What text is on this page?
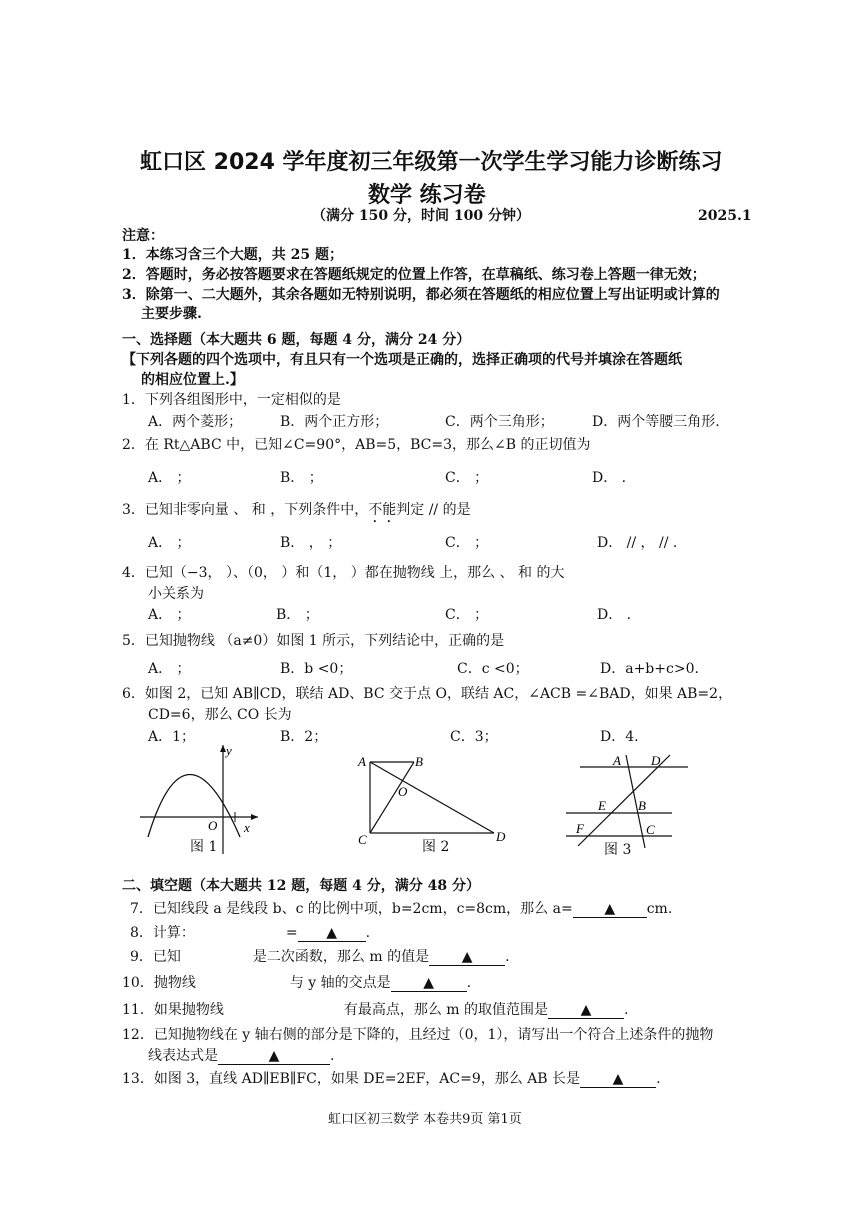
虹口区 2024 学年度初三年级第一次学生学习能力诊断练习
数学 练习卷
（满分 150 分，时间 100 分钟）	2025.1
注意：
1．本练习含三个大题，共 25 题；
2．答题时，务必按答题要求在答题纸规定的位置上作答，在草稿纸、练习卷上答题一律无效；
3．除第一、二大题外，其余各题如无特别说明，都必须在答题纸的相应位置上写出证明或计算的
主要步骤.
一、选择题（本大题共 6 题，每题 4 分，满分 24 分）
【下列各题的四个选项中，有且只有一个选项是正确的，选择正确项的代号并填涂在答题纸
的相应位置上.】
1．下列各组图形中，一定相似的是
A．两个菱形；	B．两个正方形；	C．两个三角形；	D．两个等腰三角形.
2．在 Rt△ABC 中，已知∠C=90°，AB=5，BC=3，那么∠B 的正切值为
A． ；	B． ；	C． ；	D． .
3．已知非零向量 、 和 ，下列条件中，不能判定 // 的是
A． ；	B． ， ；	C． ；	D． // ， // .
4．已知（−3， ）、（0， ）和（1， ）都在抛物线 上，那么 、 和 的大
小关系为
A． ；	B． ；	C． ；	D． .
5．已知抛物线 （a≠0）如图 1 所示，下列结论中，正确的是
A． ；	B．b <0；	C．c <0；	D．a+b+c>0.
6．如图 2，已知 AB∥CD，联结 AD、BC 交于点 O，联结 AC，∠ACB =∠BAD，如果 AB=2，
CD=6，那么 CO 长为
A．1；	B．2；	C．3；	D．4.
y
x
O
图 1
A	B
O
C	D
图 2
A D
E B
F	C
图 3
二、填空题（本大题共 12 题，每题 4 分，满分 48 分）
7．已知线段 a 是线段 b、c 的比例中项，b=2cm，c=8cm，那么 a= ▲ cm.
8．计算：	= ▲ .
9．已知	是二次函数，那么 m 的值是 ▲ .
10．抛物线	与 y 轴的交点是 ▲ .
11．如果抛物线	有最高点，那么 m 的取值范围是 ▲ .
12．已知抛物线在 y 轴右侧的部分是下降的，且经过（0，1），请写出一个符合上述条件的抛物
线表达式是	▲	.
13．如图 3，直线 AD∥EB∥FC，如果 DE=2EF，AC=9，那么 AB 长是 ▲ .
虹口区初三数学 本卷共9页 第1页
